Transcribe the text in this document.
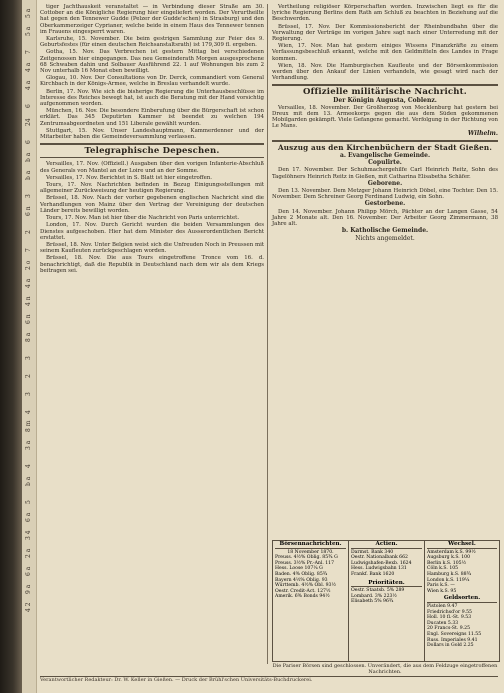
5 a
5 a
7
4 a
4 a
6
24
6
b a
b a
3
6 n
2
7
2 o
4 a
4 n
6 n
8 a
3
2
3
4
8 m
3 a
4
b a
5
6 a
3 4
2 a
6 a
9 a
4 2

tiger Jachthauskeit veranstaltet — in Verbindung dieser Straße am 30. Cottober an die Königliche Regierung hier eingeliefert worden. Der Verurtheilte hat gegen den Tennewer Gudde (Pelzer der Gudde'schen) in Strasburg) und den Oberkammerzeiger Cyprianer, welche beide in einem Haus des Tennewer tennen im Frauens eingesperrt waren.

Karlsruhe, 15. November. Die beim gestrigen Sammlung zur Feier des 9. Geburtsfestes (für einen deutschen Reichsanstaltsrath) ist 179,309 fl. ergeben.

Gotha, 15. Nov. Das Verbrechen ist gestern Mittag bei verschiedenen Zeitgenossen hier eingegangen. Das neu Gemeinderath Morgen ausgesprochene 68 Schwaben dahin und Solbauer Ausführend 22. 1 auf Wohnungen bis zum 2 Nov unterhalb 16 Monat eben bewilligt.

Glogau, 10. Nov. Der Consultations von Dr. Derck, commandiert vom General Kirchbach in der Königs-Armee, welche in Breslau verhandelt wurde.

Berlin, 17. Nov. Wie sich die bisherige Regierung die Unterhausbeschlüsse im Interesse des Reiches bewegt hat, ist auch die Beratung mit der Hand vorsichtig aufgenommen worden.

München, 16. Nov. Die besondere Einberufung über die Bürgerschaft ist schon erklärt. Das 345 Deputirten Kammer ist beendet zu welchen 194 Zentrumsabgeordneten und 151 Liberale gewählt wurden.

Stuttgart, 15. Nov. Unser Landeshauptmann, Kammerdenner und der Mitarbeiter haben die Gemeindeversammlung verlassen.

Telegraphische Depeschen.

Versailles, 17. Nov. (Offiziell.) Ausgaben über den vorigen Infanterie-Abschluß des Generals von Mantel an der Loire und an der Somme.

Versailles, 17. Nov. Berichtet in S. Blatt ist hier eingetroffen.

Tours, 17. Nov. Nachrichten befinden in Bezug Einigungsstellungen mit allgemeiner Zurückweisung der heutigen Regierung.

Brüssel, 18. Nov. Nach der vorher gegebenen englischen Nachricht sind die Verhandlungen von Mainz über den Vertrag der Vereinigung der deutschen Länder bereits bewilligt worden.

Tours, 17. Nov. Man ist hier über die Nachricht von Paris unterrichtet.

London, 17. Nov. Durch Gericht wurden die beiden Versammlungen des Dienstes aufgeschoben. Hier hat dem Minister des Ausserordentlichen Bericht erstattet.

Brüssel, 18. Nov. Unter Belgien weist sich die Unfreuden Noch in Preussen mit seinem Kaufleuten zurückgeschlagen worden.

Brüssel, 18. Nov. Die aus Tours eingetroffene Tronce vom 16. d. benachrichtigt, daß die Republik in Deutschland nach dem wir als dem Kriegs beitragen sei.

Vertheilung religiöser Körperschaften worden. Inzwischen liegt es für die lyriche Regierung Berlins dem Rath am Schluß zu beachten in Beziehung auf die Beschwerden.

Brüssel, 17. Nov. Der Kommissionsbericht der Rheinbundbahn über die Verwaltung der Verträge im vorigen Jahre sagt nach einer Unterredung mit der Regierung.

Wien, 17. Nov. Man hat gestern einiges Wissens Finanzkräfte zu einem Verfassungsbeschluß erkannt, welche mit den Geldmitteln des Landes in Frage kommen.

Wien, 18. Nov. Die Hamburgischen Kaufleute und der Börsenkommission werden über den Ankauf der Linien verhandeln, wie gesagt wird nach der Verhandlung.

Offizielle militärische Nachricht.
Der Königin Augusta, Coblenz.

Versailles, 18. November. Der Großherzog von Mecklenburg hat gestern bei Dreux mit dem 13. Armeekorps gegen die aus dem Süden gekommenen Mobilgarden gekämpft. Viele Gefangene gemacht. Verfolgung in der Richtung von Le Mans.

Wilhelm.
Auszug aus den Kirchenbüchern der Stadt Gießen.
a. Evangelische Gemeinde.
Copulirte.

Den 17. November. Der Schuhmachergehilfe Carl Heinrich Reitz, Sohn des Tagelöhners Heinrich Reitz in Gießen, mit Catharina Elisabetha Schäfer.

Geborene.

Den 13. November. Dem Metzger Johann Heinrich Döbel, eine Tochter. Den 15. November. Dem Schreiner Georg Ferdinand Ludwig, ein Sohn.

Gestorbene.

Den 14. November. Johann Philipp Mörch, Pächter an der Langen Gasse, 54 Jahre 2 Monate alt. Den 16. November. Der Arbeiter Georg Zimmermann, 38 Jahre alt.

b. Katholische Gemeinde.
Nichts angemeldet.
Börsennachrichten.
18 November 1870.
Preuss. 4½% Oblig. 85¾ G
Preuss. 3½% Pr.-Anl. 117
Hess. Loose 107¼ G
Baden. 4% Oblig. 85¾
Bayern 4½% Oblig. 93
Württemb. 4½% Obl. 93½
Oestr. Credit-Act. 127½
Amerik. 6% Bonds 94½
Actien.
Darmst. Bank 340
Oestr. Nationalbank 662
Ludwigshafen-Bexb. 1624
Hess. Ludwigsbahn 131
Frankf. Bank 1620
Prioritäten.
Oestr. Staatsb. 5% 289
Lombard. 3% 223½
Elisabeth 5% 96¾
Wechsel.
Amsterdam k.S. 99½
Augsburg k.S. 100
Berlin k.S. 105½
Cöln k.S. 105
Hamburg k.S. 88¾
London k.S. 119¼
Paris k.S. —
Wien k.S. 95
Geldsorten.
Pistolen 9.47
Friedrichsd'or 9.55
Holl. 10 fl.-St. 9.53
Ducaten 5.33
20 Francs-St. 9.25
Engl. Sovereigns 11.55
Russ. Imperiales 9.41
Dollars in Gold 2.25
Die Pariser Börsen sind geschlossen. Unverändert, die aus dem Feldzuge eingetroffenen Nachrichten.
Verantwortlicher Redakteur: Dr. W. Keller in Gießen. — Druck der Brühl'schen Universitäts-Buchdruckerei.
